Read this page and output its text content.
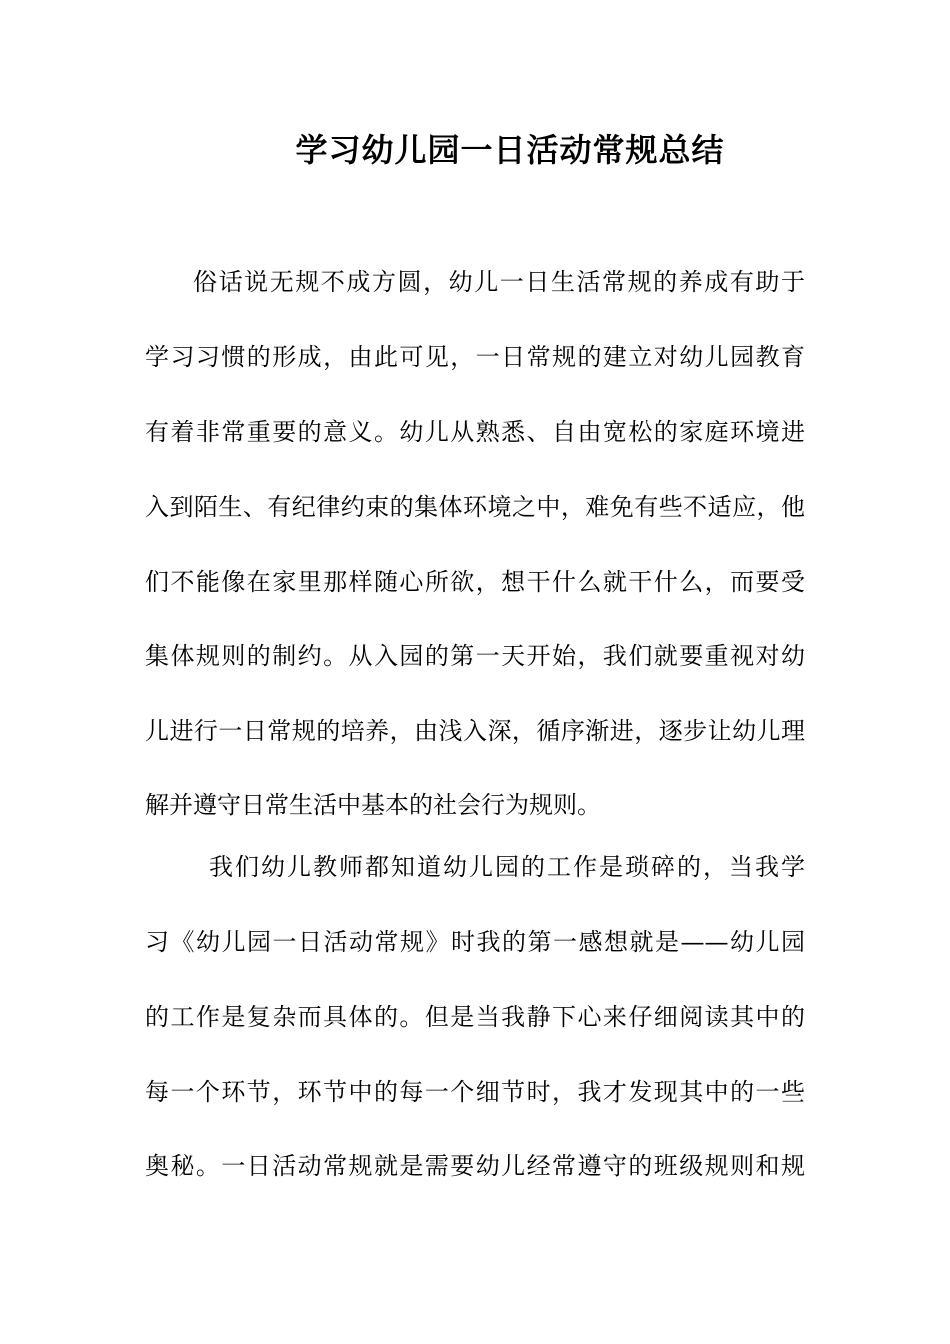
学习幼儿园一日活动常规总结
俗话说无规不成方圆，幼儿一日生活常规的养成有助于
学习习惯的形成，由此可见，一日常规的建立对幼儿园教育
有着非常重要的意义。幼儿从熟悉、自由宽松的家庭环境进
入到陌生、有纪律约束的集体环境之中，难免有些不适应，他
们不能像在家里那样随心所欲，想干什么就干什么，而要受
集体规则的制约。从入园的第一天开始，我们就要重视对幼
儿进行一日常规的培养，由浅入深，循序渐进，逐步让幼儿理
解并遵守日常生活中基本的社会行为规则。
我们幼儿教师都知道幼儿园的工作是琐碎的，当我学
习《幼儿园一日活动常规》时我的第一感想就是——幼儿园
的工作是复杂而具体的。但是当我静下心来仔细阅读其中的
每一个环节，环节中的每一个细节时，我才发现其中的一些
奥秘。一日活动常规就是需要幼儿经常遵守的班级规则和规
